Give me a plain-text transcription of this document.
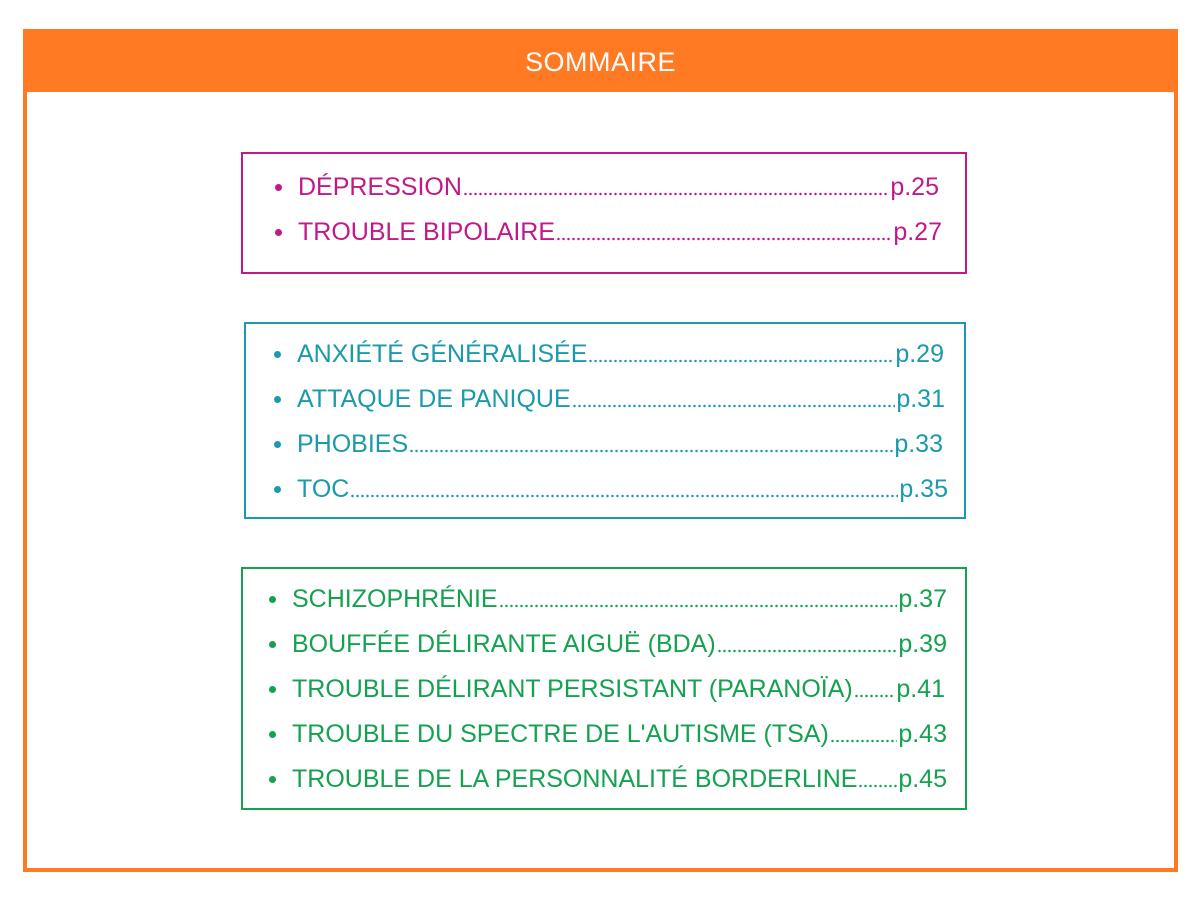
SOMMAIRE
DÉPRESSION	p.25
TROUBLE BIPOLAIRE	p.27
ANXIÉTÉ GÉNÉRALISÉE	p.29
ATTAQUE DE PANIQUE	p.31
PHOBIES	p.33
TOC	p.35
SCHIZOPHRÉNIE	p.37
BOUFFÉE DÉLIRANTE AIGUË (BDA)	p.39
TROUBLE DÉLIRANT PERSISTANT (PARANOÏA) p.41
TROUBLE DU SPECTRE DE L'AUTISME (TSA)	p.43
TROUBLE DE LA PERSONNALITÉ BORDERLINE p.45
